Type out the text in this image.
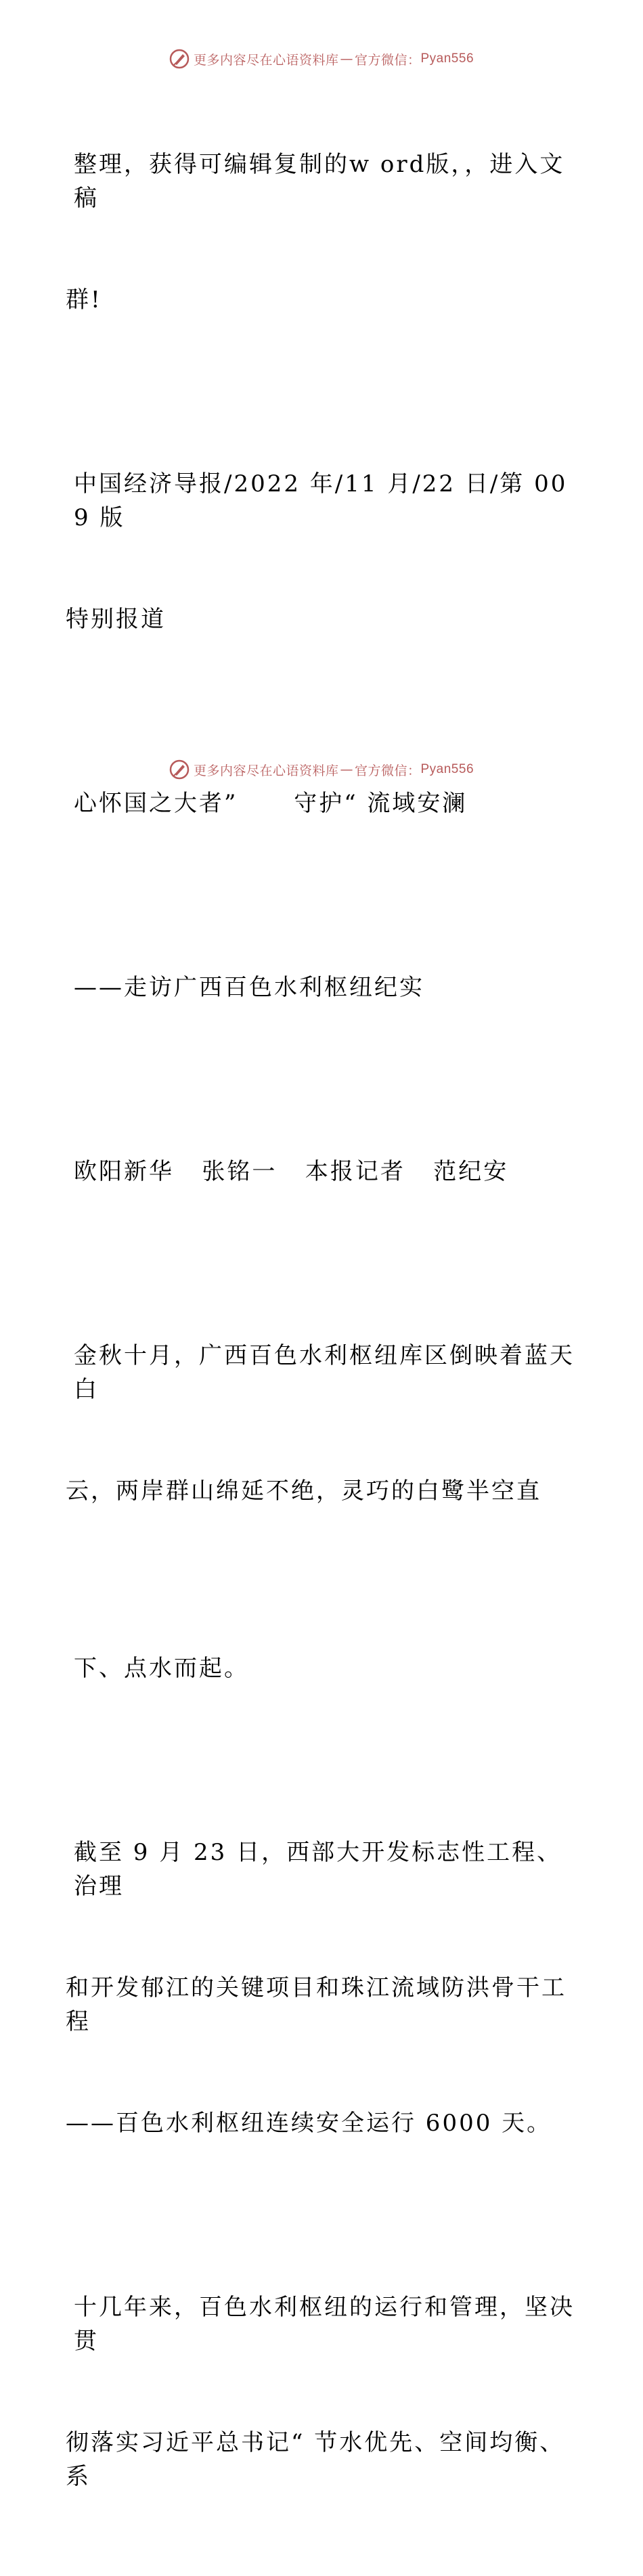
更多内容尽在心语资料库 — 官方微信： Pyan556

整理，获得可编辑复制的w ord版，，进入文稿

群!

中国经济导报/2022 年/11 月/22 日/第 009 版

特别报道

心怀国之大者”      守护“ 流域安澜

——走访广西百色水利枢纽纪实

欧阳新华   张铭一   本报记者   范纪安

金秋十月，广西百色水利枢纽库区倒映着蓝天白

云，两岸群山绵延不绝，灵巧的白鹭半空直

下、点水而起。

截至 9 月 23 日，西部大开发标志性工程、治理

和开发郁江的关键项目和珠江流域防洪骨干工程

——百色水利枢纽连续安全运行 6000 天。

十几年来，百色水利枢纽的运行和管理，坚决贯

彻落实习近平总书记“ 节水优先、空间均衡、系

更多内容尽在心语资料库 — 官方微信： Pyan556
